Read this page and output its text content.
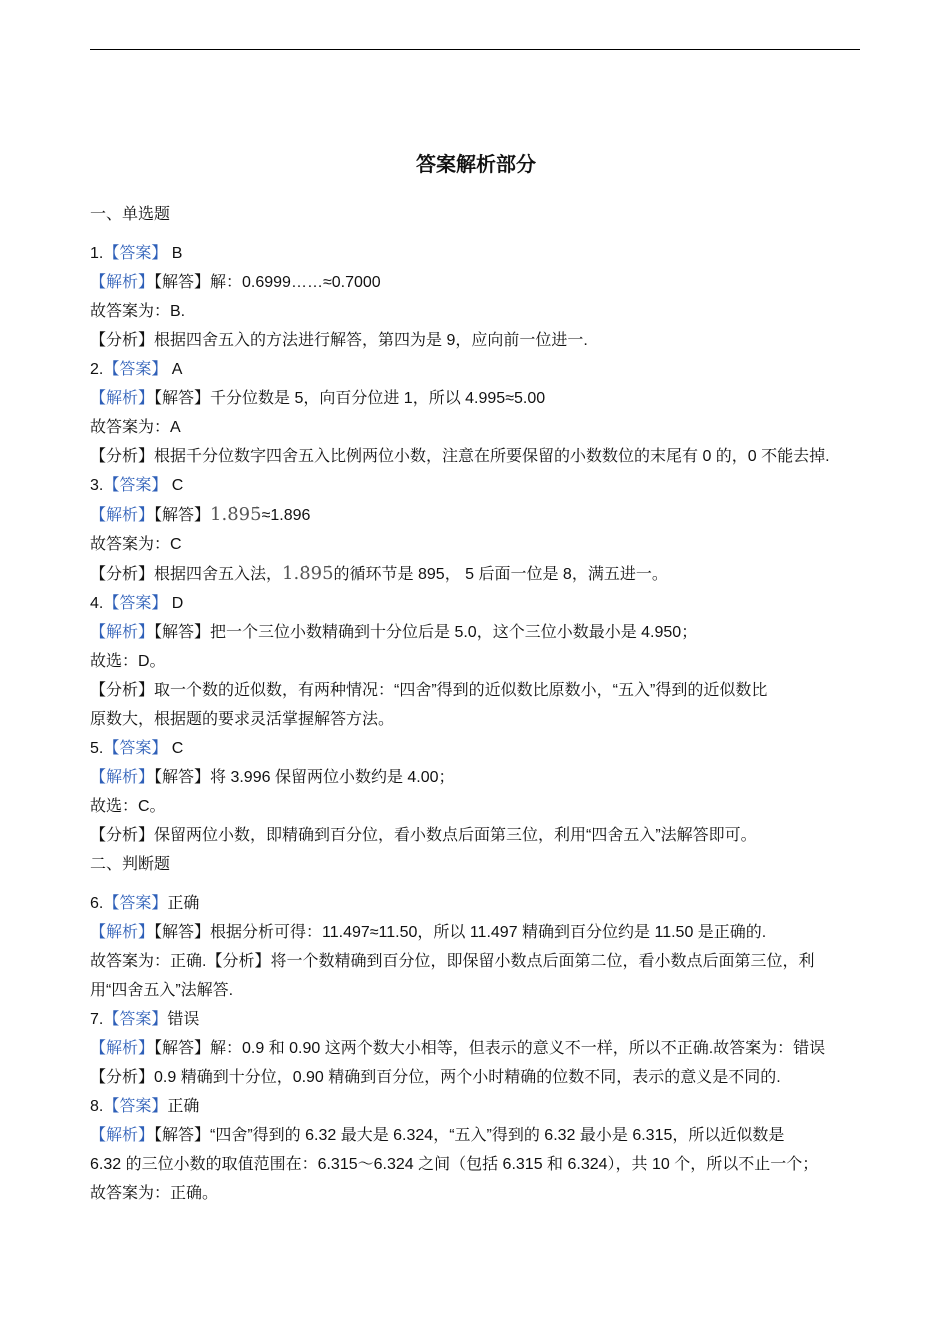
答案解析部分
一、单选题
1.【答案】 B
【解析】【解答】解：0.6999……≈0.7000
故答案为：B.
【分析】根据四舍五入的方法进行解答，第四为是 9，应向前一位进一.
2.【答案】 A
【解析】【解答】千分位数是 5，向百分位进 1，所以 4.995≈5.00
故答案为：A
【分析】根据千分位数字四舍五入比例两位小数，注意在所要保留的小数数位的末尾有 0 的，0 不能去掉.
3.【答案】 C
【解析】【解答】1.8̇95̇≈1.896
故答案为：C
【分析】根据四舍五入法，1.8̇95̇的循环节是 895， 5 后面一位是 8，满五进一。
4.【答案】 D
【解析】【解答】把一个三位小数精确到十分位后是 5.0，这个三位小数最小是 4.950；
故选：D。
【分析】取一个数的近似数，有两种情况：“四舍”得到的近似数比原数小，“五入”得到的近似数比
原数大，根据题的要求灵活掌握解答方法。
5.【答案】 C
【解析】【解答】将 3.996 保留两位小数约是 4.00；
故选：C。
【分析】保留两位小数，即精确到百分位，看小数点后面第三位，利用“四舍五入”法解答即可。
二、判断题
6.【答案】正确
【解析】【解答】根据分析可得：11.497≈11.50，所以 11.497 精确到百分位约是 11.50 是正确的.
故答案为：正确.【分析】将一个数精确到百分位，即保留小数点后面第二位，看小数点后面第三位，利
用“四舍五入”法解答.
7.【答案】错误
【解析】【解答】解：0.9 和 0.90 这两个数大小相等，但表示的意义不一样，所以不正确.故答案为：错误
【分析】0.9 精确到十分位，0.90 精确到百分位，两个小时精确的位数不同，表示的意义是不同的.
8.【答案】正确
【解析】【解答】“四舍”得到的 6.32 最大是 6.324，“五入”得到的 6.32 最小是 6.315，所以近似数是
6.32 的三位小数的取值范围在：6.315～6.324 之间（包括 6.315 和 6.324），共 10 个，所以不止一个；
故答案为：正确。
